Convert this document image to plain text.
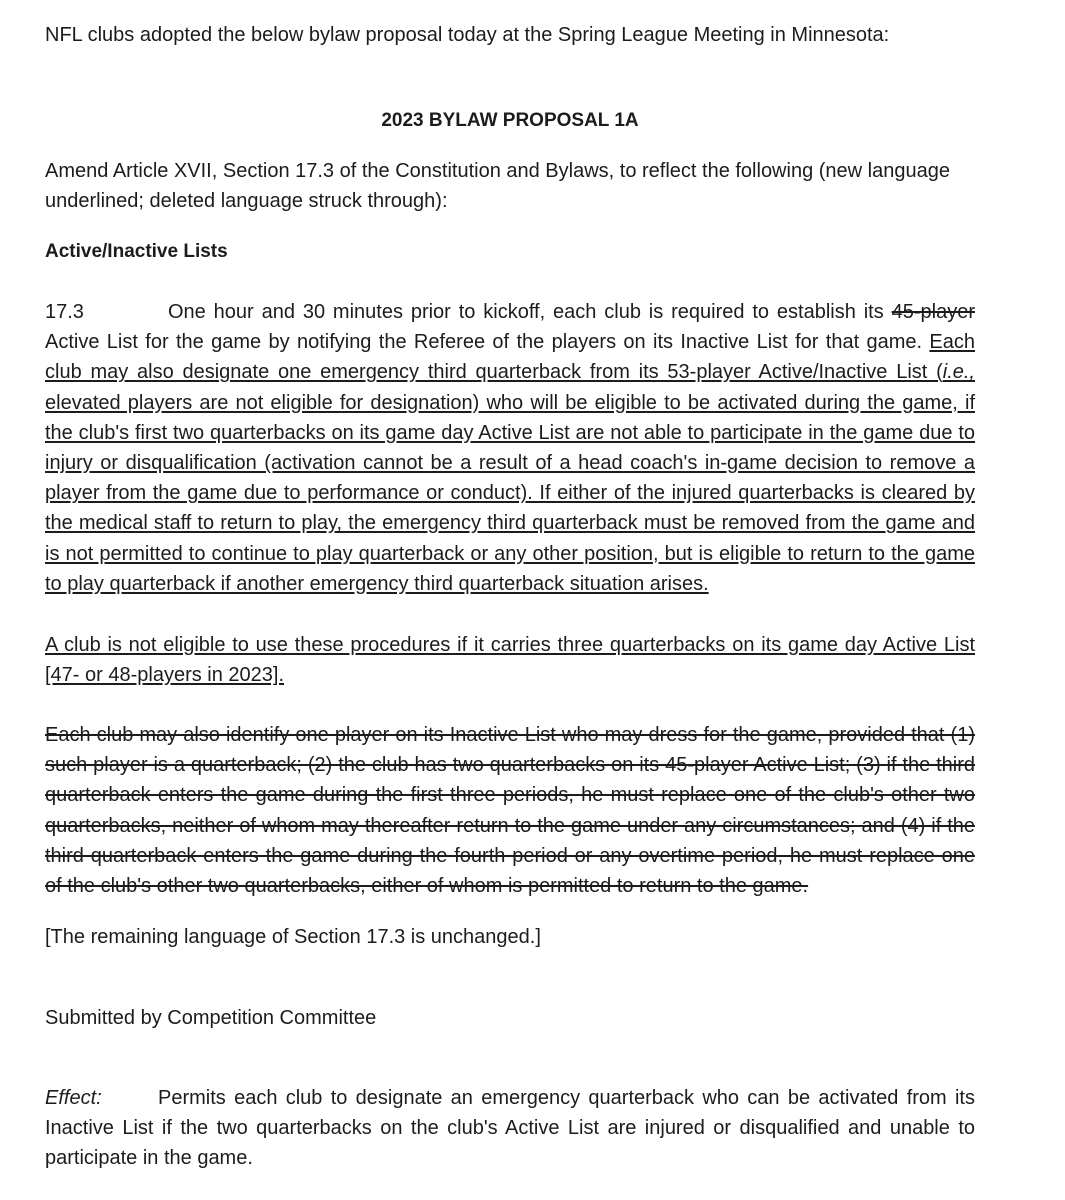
NFL clubs adopted the below bylaw proposal today at the Spring League Meeting in Minnesota:
2023 BYLAW PROPOSAL 1A
Amend Article XVII, Section 17.3 of the Constitution and Bylaws, to reflect the following (new language underlined; deleted language struck through):
Active/Inactive Lists
17.3	One hour and 30 minutes prior to kickoff, each club is required to establish its 45-player Active List for the game by notifying the Referee of the players on its Inactive List for that game. Each club may also designate one emergency third quarterback from its 53-player Active/Inactive List (i.e., elevated players are not eligible for designation) who will be eligible to be activated during the game, if the club's first two quarterbacks on its game day Active List are not able to participate in the game due to injury or disqualification (activation cannot be a result of a head coach's in-game decision to remove a player from the game due to performance or conduct). If either of the injured quarterbacks is cleared by the medical staff to return to play, the emergency third quarterback must be removed from the game and is not permitted to continue to play quarterback or any other position, but is eligible to return to the game to play quarterback if another emergency third quarterback situation arises.
A club is not eligible to use these procedures if it carries three quarterbacks on its game day Active List [47- or 48-players in 2023].
Each club may also identify one player on its Inactive List who may dress for the game, provided that (1) such player is a quarterback; (2) the club has two quarterbacks on its 45-player Active List; (3) if the third quarterback enters the game during the first three periods, he must replace one of the club's other two quarterbacks, neither of whom may thereafter return to the game under any circumstances; and (4) if the third quarterback enters the game during the fourth period or any overtime period, he must replace one of the club's other two quarterbacks, either of whom is permitted to return to the game.
[The remaining language of Section 17.3 is unchanged.]
Submitted by Competition Committee
Effect:	Permits each club to designate an emergency quarterback who can be activated from its Inactive List if the two quarterbacks on the club's Active List are injured or disqualified and unable to participate in the game.
